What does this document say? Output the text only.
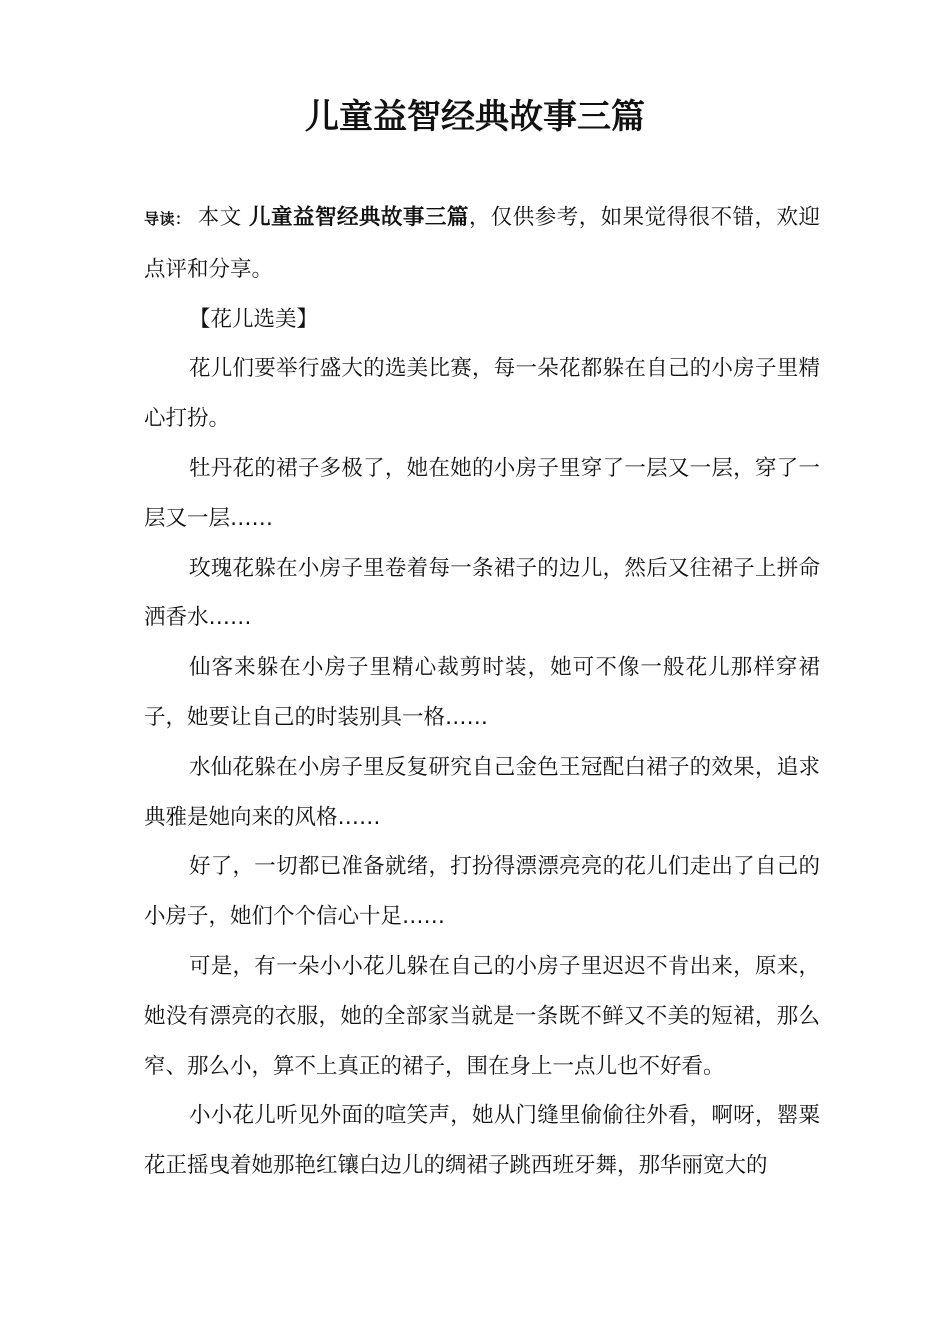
儿童益智经典故事三篇

导读： 本文 儿童益智经典故事三篇，仅供参考，如果觉得很不错，欢迎点评和分享。

【花儿选美】

花儿们要举行盛大的选美比赛，每一朵花都躲在自己的小房子里精心打扮。

牡丹花的裙子多极了，她在她的小房子里穿了一层又一层，穿了一层又一层……

玫瑰花躲在小房子里卷着每一条裙子的边儿，然后又往裙子上拼命洒香水……

仙客来躲在小房子里精心裁剪时装，她可不像一般花儿那样穿裙子，她要让自己的时装别具一格……

水仙花躲在小房子里反复研究自己金色王冠配白裙子的效果，追求典雅是她向来的风格……

好了，一切都已准备就绪，打扮得漂漂亮亮的花儿们走出了自己的小房子，她们个个信心十足……

可是，有一朵小小花儿躲在自己的小房子里迟迟不肯出来，原来，她没有漂亮的衣服，她的全部家当就是一条既不鲜又不美的短裙，那么窄、那么小，算不上真正的裙子，围在身上一点儿也不好看。

小小花儿听见外面的喧笑声，她从门缝里偷偷往外看，啊呀，罂粟花正摇曳着她那艳红镶白边儿的绸裙子跳西班牙舞，那华丽宽大的
